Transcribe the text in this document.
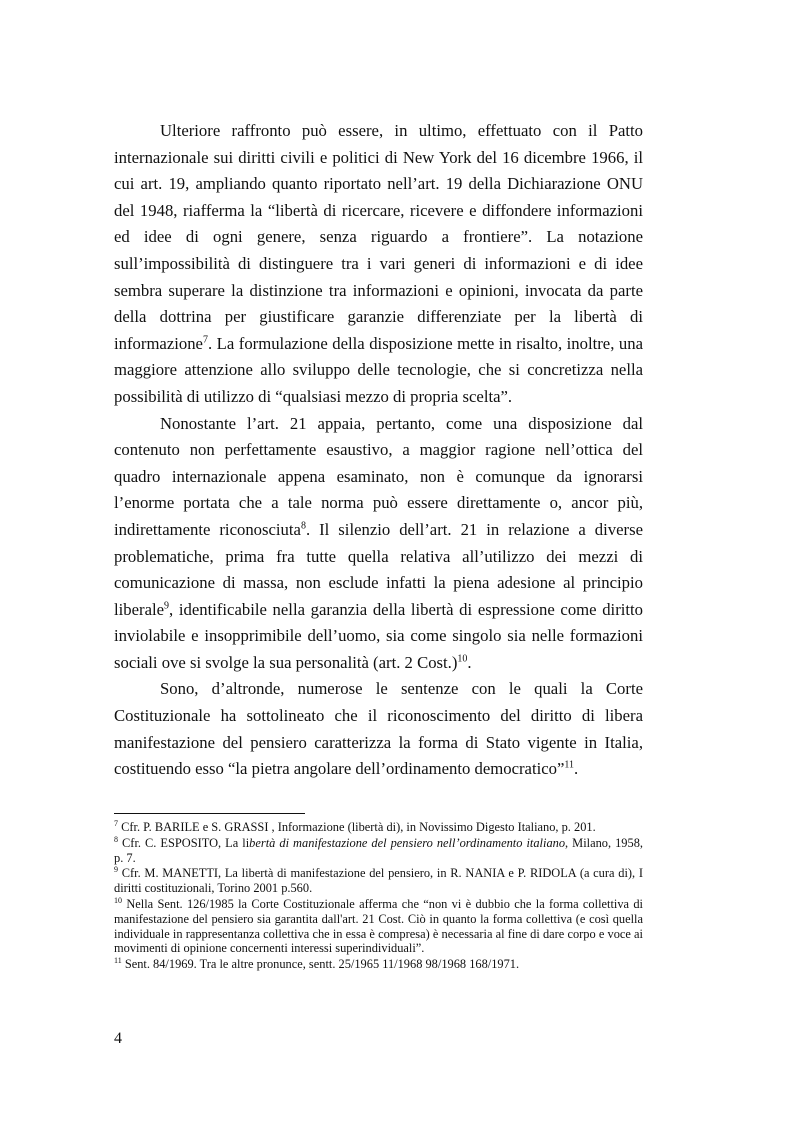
Ulteriore raffronto può essere, in ultimo, effettuato con il Patto internazionale sui diritti civili e politici di New York del 16 dicembre 1966, il cui art. 19, ampliando quanto riportato nell’art. 19 della Dichiarazione ONU del 1948, riafferma la “libertà di ricercare, ricevere e diffondere informazioni ed idee di ogni genere, senza riguardo a frontiere”. La notazione sull’impossibilità di distinguere tra i vari generi di informazioni e di idee sembra superare la distinzione tra informazioni e opinioni, invocata da parte della dottrina per giustificare garanzie differenziate per la libertà di informazione$^7$. La formulazione della disposizione mette in risalto, inoltre, una maggiore attenzione allo sviluppo delle tecnologie, che si concretizza nella possibilità di utilizzo di “qualsiasi mezzo di propria scelta”.

Nonostante l’art. 21 appaia, pertanto, come una disposizione dal contenuto non perfettamente esaustivo, a maggior ragione nell’ottica del quadro internazionale appena esaminato, non è comunque da ignorarsi l’enorme portata che a tale norma può essere direttamente o, ancor più, indirettamente riconosciuta$^8$. Il silenzio dell’art. 21 in relazione a diverse problematiche, prima fra tutte quella relativa all’utilizzo dei mezzi di comunicazione di massa, non esclude infatti la piena adesione al principio liberale$^9$, identificabile nella garanzia della libertà di espressione come diritto inviolabile e insopprimibile dell’uomo, sia come singolo sia nelle formazioni sociali ove si svolge la sua personalità (art. 2 Cost.)$^{10}$.

Sono, d’altronde, numerose le sentenze con le quali la Corte Costituzionale ha sottolineato che il riconoscimento del diritto di libera manifestazione del pensiero caratterizza la forma di Stato vigente in Italia, costituendo esso “la pietra angolare dell’ordinamento democratico”$^{11}$.

$^7$ Cfr. P. BARILE e S. GRASSI , Informazione (libertà di), in Novissimo Digesto Italiano, p. 201.

$^8$ Cfr. C. ESPOSITO, La libertà di manifestazione del pensiero nell’ordinamento italiano, Milano, 1958, p. 7.

$^9$ Cfr. M. MANETTI, La libertà di manifestazione del pensiero, in R. NANIA e P. RIDOLA (a cura di), I diritti costituzionali, Torino 2001 p.560.

$^{10}$ Nella Sent. 126/1985 la Corte Costituzionale afferma che “non vi è dubbio che la forma collettiva di manifestazione del pensiero sia garantita dall'art. 21 Cost. Ciò in quanto la forma collettiva (e così quella individuale in rappresentanza collettiva che in essa è compresa) è necessaria al fine di dare corpo e voce ai movimenti di opinione concernenti interessi superindividuali”.

$^{11}$ Sent. 84/1969. Tra le altre pronunce, sentt. 25/1965 11/1968 98/1968 168/1971.

4
